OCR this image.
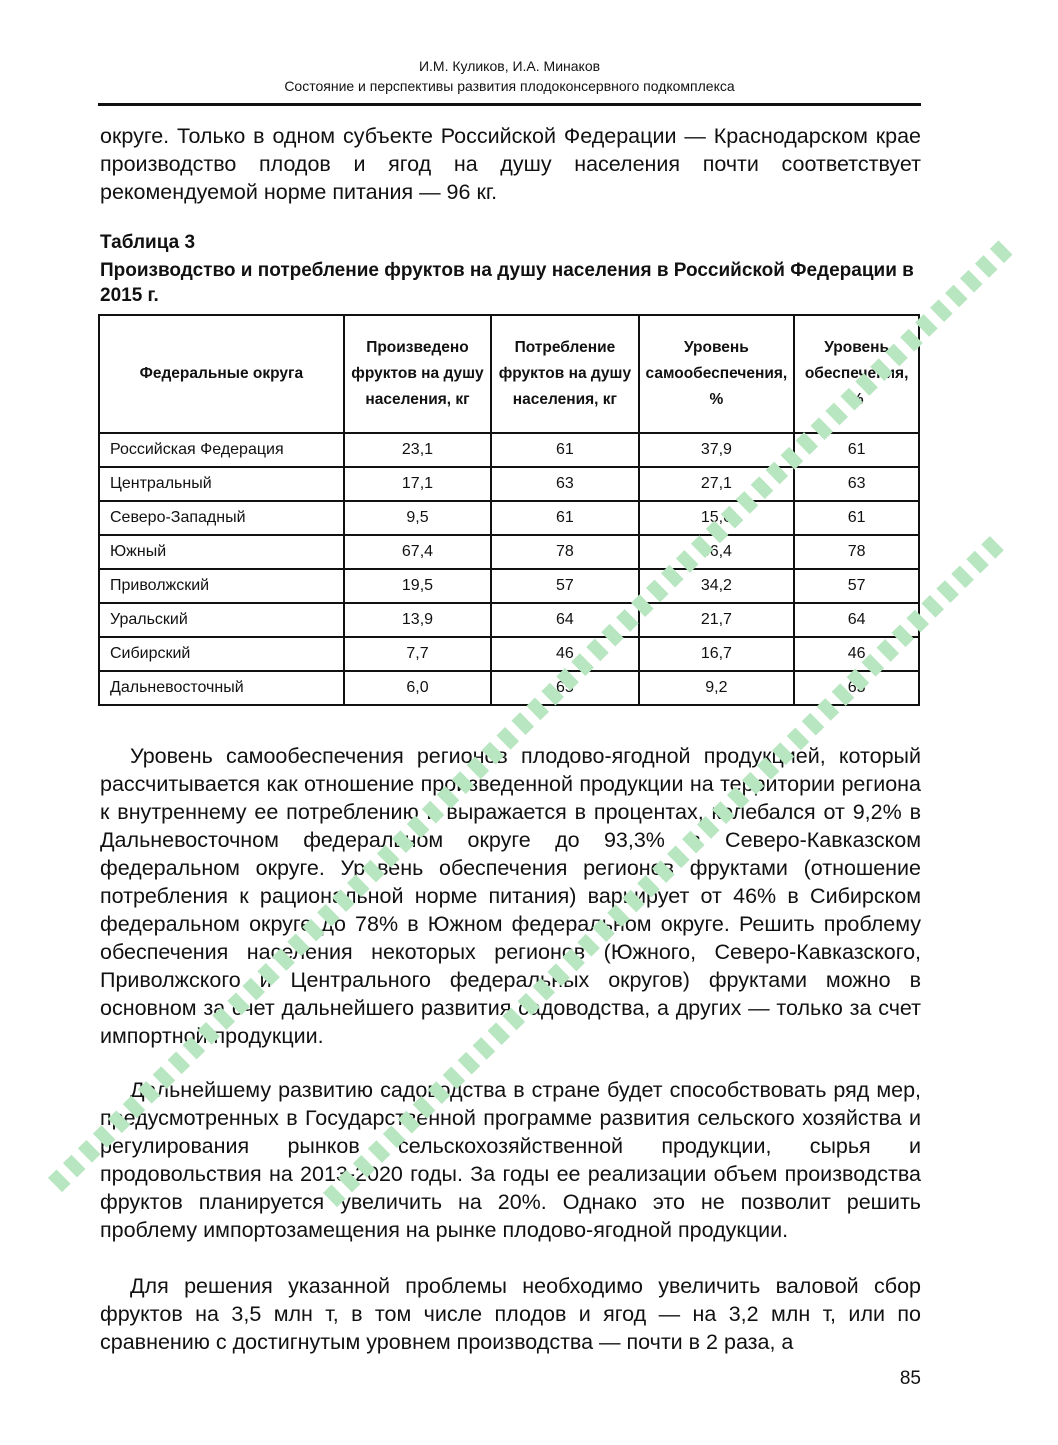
И.М. Куликов, И.А. Минаков
Состояние и перспективы развития плодоконсервного подкомплекса

округе. Только в одном субъекте Российской Федерации — Краснодарском крае производство плодов и ягод на душу населения почти соответствует рекомендуемой норме питания — 96 кг.

Таблица 3

Производство и потребление фруктов на душу населения в Российской Федерации в 2015 г.

Федеральные округа	Произведено фруктов на душу населения, кг	Потребление фруктов на душу населения, кг	Уровень самообеспечения, %	Уровень обеспечения, %
Российская Федерация	23,1	61	37,9	61
Центральный	17,1	63	27,1	63
Северо-Западный	9,5	61	15,6	61
Южный	67,4	78	86,4	78
Приволжский	19,5	57	34,2	57
Уральский	13,9	64	21,7	64
Сибирский	7,7	46	16,7	46
Дальневосточный	6,0	65	9,2	65

Уровень самообеспечения регионов плодово-ягодной продукцией, который рассчитывается как отношение произведенной продукции на территории региона к внутреннему ее потреблению и выражается в процентах, колебался от 9,2% в Дальневосточном федеральном округе до 93,3% в Северо-Кавказском федеральном округе. Уровень обеспечения регионов фруктами (отношение потребления к рациональной норме питания) варьирует от 46% в Сибирском федеральном округе до 78% в Южном федеральном округе. Решить проблему обеспечения населения некоторых регионов (Южного, Северо-Кавказского, Приволжского и Центрального федеральных округов) фруктами можно в основном за счет дальнейшего развития садоводства, а других — только за счет импортной продукции.

Дальнейшему развитию садоводства в стране будет способствовать ряд мер, предусмотренных в Государственной программе развития сельского хозяйства и регулирования рынков сельскохозяйственной продукции, сырья и продовольствия на 2013-2020 годы. За годы ее реализации объем производства фруктов планируется увеличить на 20%. Однако это не позволит решить проблему импортозамещения на рынке плодово-ягодной продукции.

Для решения указанной проблемы необходимо увеличить валовой сбор фруктов на 3,5 млн т, в том числе плодов и ягод — на 3,2 млн т, или по сравнению с достигнутым уровнем производства — почти в 2 раза, а

85
